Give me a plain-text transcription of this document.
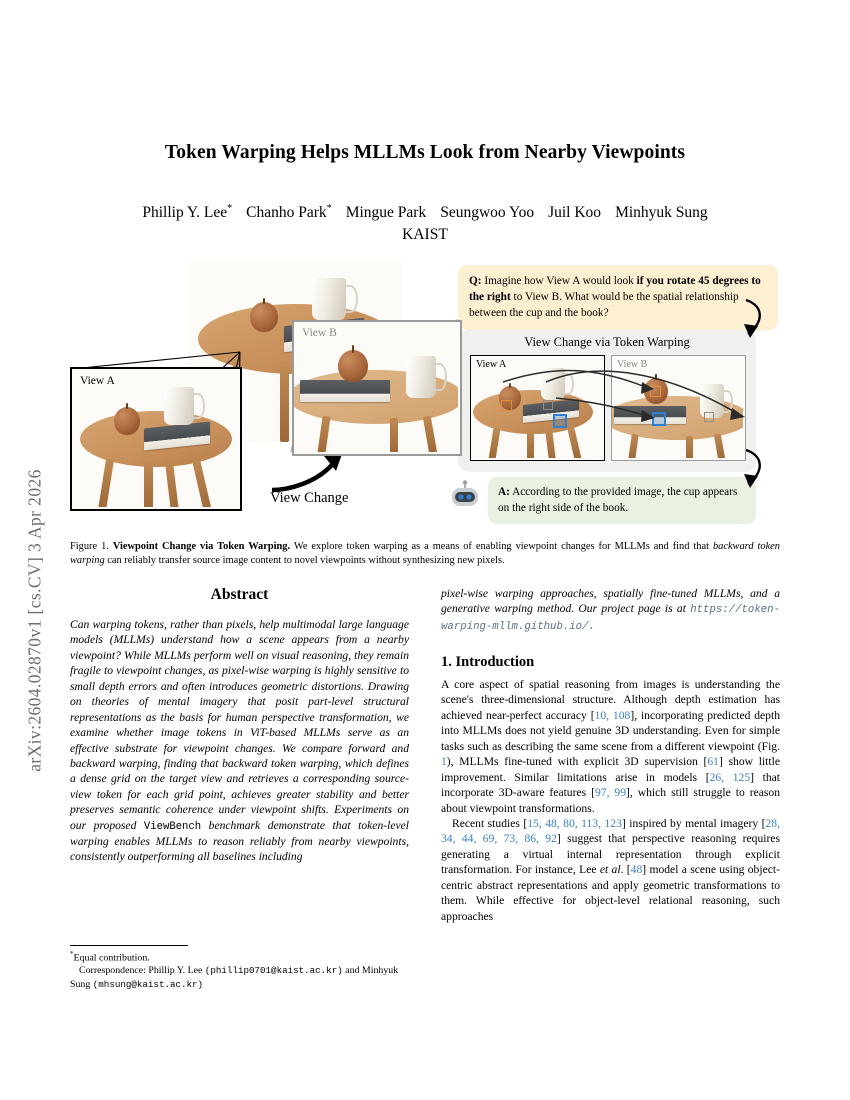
arXiv:2604.02870v1 [cs.CV] 3 Apr 2026
Token Warping Helps MLLMs Look from Nearby Viewpoints
Phillip Y. Lee* Chanho Park* Mingue Park Seungwoo Yoo Juil Koo Minhyuk Sung
KAIST
View A
View B
View Change
Q: Imagine how View A would look if you rotate 45 degrees to the right to View B. What would be the spatial relationship between the cup and the book?
View Change via Token Warping
View A	View B
A: According to the provided image, the cup appears on the right side of the book.
Figure 1. Viewpoint Change via Token Warping. We explore token warping as a means of enabling viewpoint changes for MLLMs and find that backward token warping can reliably transfer source image content to novel viewpoints without synthesizing new pixels.
Abstract
Can warping tokens, rather than pixels, help multimodal large language models (MLLMs) understand how a scene appears from a nearby viewpoint? While MLLMs perform well on visual reasoning, they remain fragile to viewpoint changes, as pixel-wise warping is highly sensitive to small depth errors and often introduces geometric distortions. Drawing on theories of mental imagery that posit part-level structural representations as the basis for human perspective transformation, we examine whether image tokens in ViT-based MLLMs serve as an effective substrate for viewpoint changes. We compare forward and backward warping, finding that backward token warping, which defines a dense grid on the target view and retrieves a corresponding source-view token for each grid point, achieves greater stability and better preserves semantic coherence under viewpoint shifts. Experiments on our proposed ViewBench benchmark demonstrate that token-level warping enables MLLMs to reason reliably from nearby viewpoints, consistently outperforming all baselines including
pixel-wise warping approaches, spatially fine-tuned MLLMs, and a generative warping method. Our project page is at https://token-warping-mllm.github.io/.
1. Introduction

A core aspect of spatial reasoning from images is understanding the scene's three-dimensional structure. Although depth estimation has achieved near-perfect accuracy [10, 108], incorporating predicted depth into MLLMs does not yield genuine 3D understanding. Even for simple tasks such as describing the same scene from a different viewpoint (Fig. 1), MLLMs fine-tuned with explicit 3D supervision [61] show little improvement. Similar limitations arise in models [26, 125] that incorporate 3D-aware features [97, 99], which still struggle to reason about viewpoint transformations.

Recent studies [15, 48, 80, 113, 123] inspired by mental imagery [28, 34, 44, 69, 73, 86, 92] suggest that perspective reasoning requires generating a virtual internal representation through explicit transformation. For instance, Lee et al. [48] model a scene using object-centric abstract representations and apply geometric transformations to them. While effective for object-level relational reasoning, such approaches

*Equal contribution.

Correspondence: Phillip Y. Lee (phillip0701@kaist.ac.kr) and Minhyuk Sung (mhsung@kaist.ac.kr)
